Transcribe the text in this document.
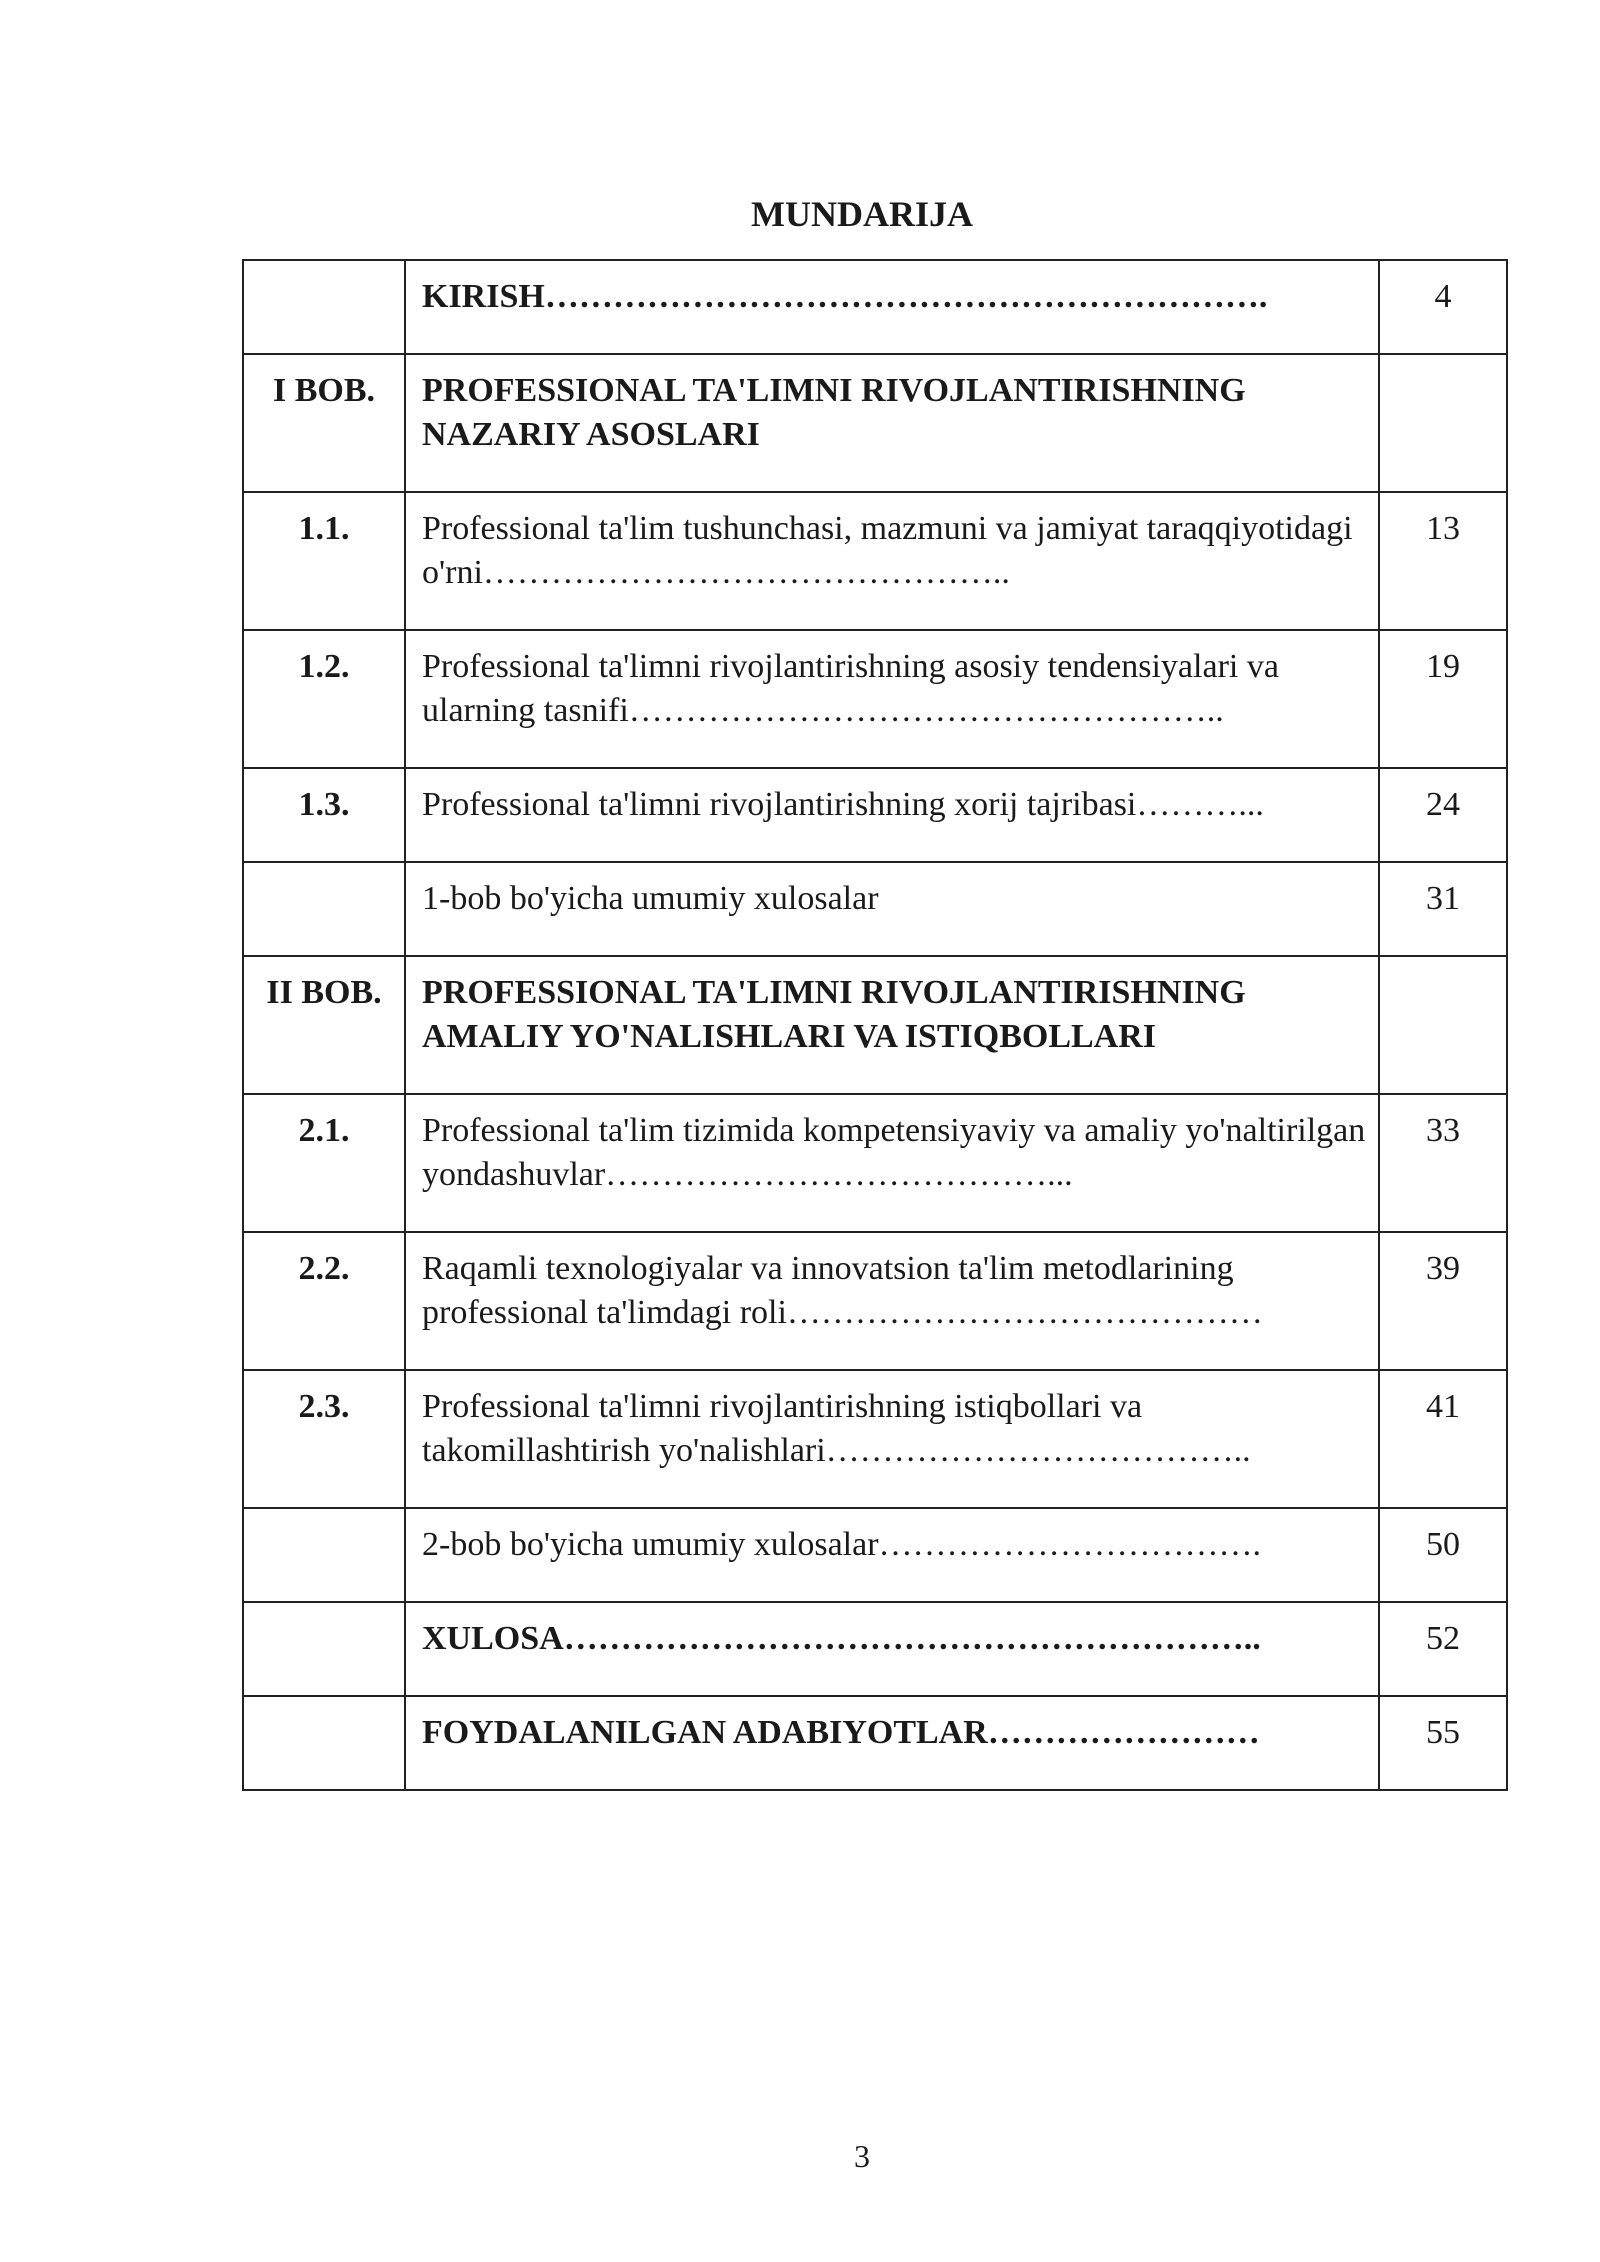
MUNDARIJA
	KIRISH……………………………………………………….	4
I BOB.	PROFESSIONAL TA'LIMNI RIVOJLANTIRISHNING NAZARIY ASOSLARI	
1.1.	Professional ta'lim tushunchasi, mazmuni va jamiyat taraqqiyotidagi o'rni………………………………………..	13
1.2.	Professional ta'limni rivojlantirishning asosiy tendensiyalari va ularning tasnifi……………………………………………..	19
1.3.	Professional ta'limni rivojlantirishning xorij tajribasi………...	24
	1-bob bo'yicha umumiy xulosalar	31
II BOB.	PROFESSIONAL TA'LIMNI RIVOJLANTIRISHNING AMALIY YO'NALISHLARI VA ISTIQBOLLARI	
2.1.	Professional ta'lim tizimida kompetensiyaviy va amaliy yo'naltirilgan yondashuvlar…………………………………...	33
2.2.	Raqamli texnologiyalar va innovatsion ta'lim metodlarining professional ta'limdagi roli……………………………………	39
2.3.	Professional ta'limni rivojlantirishning istiqbollari va takomillashtirish yo'nalishlari………………………………..	41
	2-bob bo'yicha umumiy xulosalar…………………………….	50
	XULOSA……………………………………………………..	52
	FOYDALANILGAN ADABIYOTLAR……………………	55
3
